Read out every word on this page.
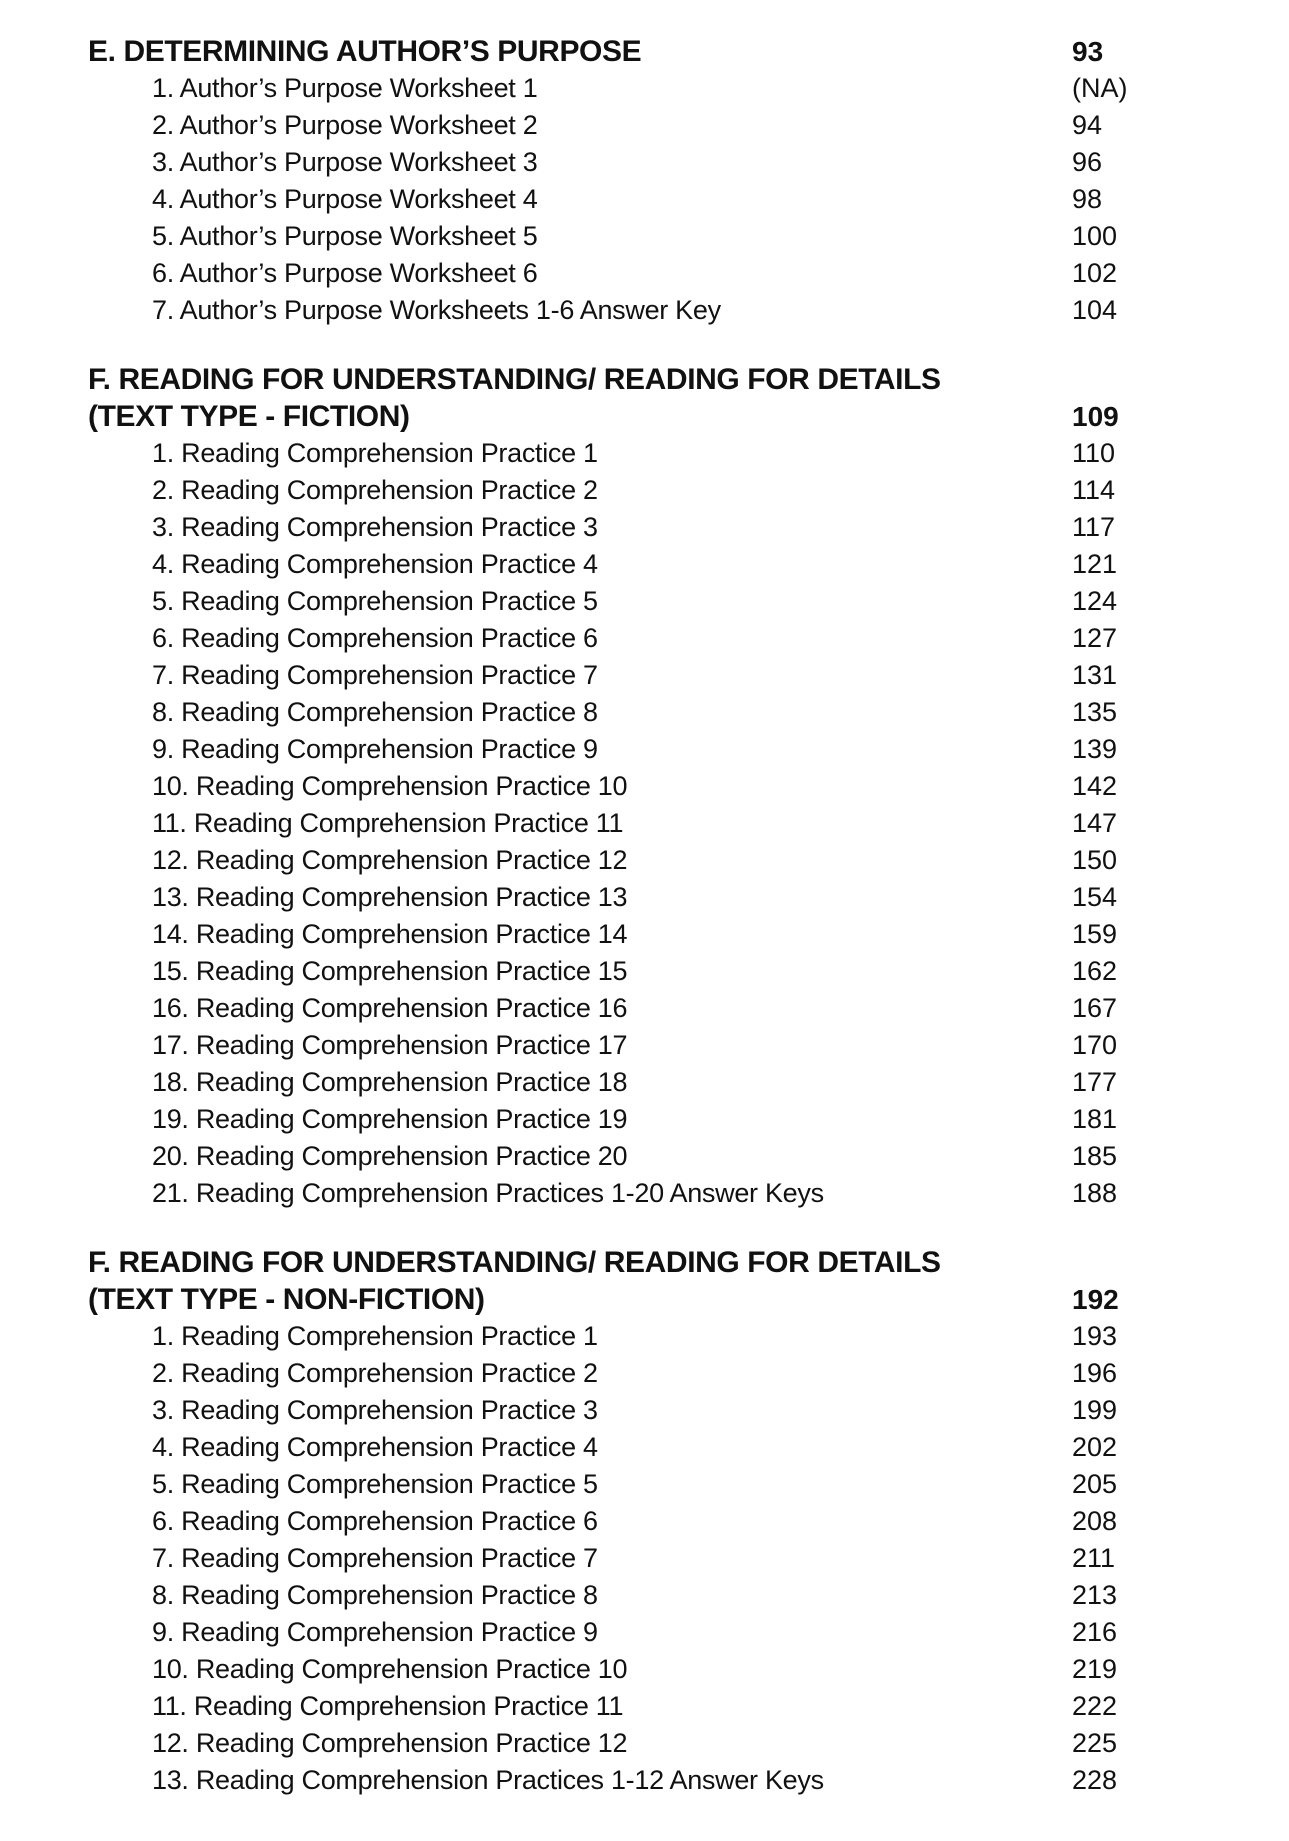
E. DETERMINING AUTHOR’S PURPOSE	93
1. Author’s Purpose Worksheet 1	(NA)
2. Author’s Purpose Worksheet 2	94
3. Author’s Purpose Worksheet 3	96
4. Author’s Purpose Worksheet 4	98
5. Author’s Purpose Worksheet 5	100
6. Author’s Purpose Worksheet 6	102
7. Author’s Purpose Worksheets 1-6 Answer Key	104
F. READING FOR UNDERSTANDING/ READING FOR DETAILS
(TEXT TYPE - FICTION)	109
1. Reading Comprehension Practice 1	110
2. Reading Comprehension Practice 2	114
3. Reading Comprehension Practice 3	117
4. Reading Comprehension Practice 4	121
5. Reading Comprehension Practice 5	124
6. Reading Comprehension Practice 6	127
7. Reading Comprehension Practice 7	131
8. Reading Comprehension Practice 8	135
9. Reading Comprehension Practice 9	139
10. Reading Comprehension Practice 10	142
11. Reading Comprehension Practice 11	147
12. Reading Comprehension Practice 12	150
13. Reading Comprehension Practice 13	154
14. Reading Comprehension Practice 14	159
15. Reading Comprehension Practice 15	162
16. Reading Comprehension Practice 16	167
17. Reading Comprehension Practice 17	170
18. Reading Comprehension Practice 18	177
19. Reading Comprehension Practice 19	181
20. Reading Comprehension Practice 20	185
21. Reading Comprehension Practices 1-20 Answer Keys	188
F. READING FOR UNDERSTANDING/ READING FOR DETAILS
(TEXT TYPE - NON-FICTION)	192
1. Reading Comprehension Practice 1	193
2. Reading Comprehension Practice 2	196
3. Reading Comprehension Practice 3	199
4. Reading Comprehension Practice 4	202
5. Reading Comprehension Practice 5	205
6. Reading Comprehension Practice 6	208
7. Reading Comprehension Practice 7	211
8. Reading Comprehension Practice 8	213
9. Reading Comprehension Practice 9	216
10. Reading Comprehension Practice 10	219
11. Reading Comprehension Practice 11	222
12. Reading Comprehension Practice 12	225
13. Reading Comprehension Practices 1-12 Answer Keys	228
